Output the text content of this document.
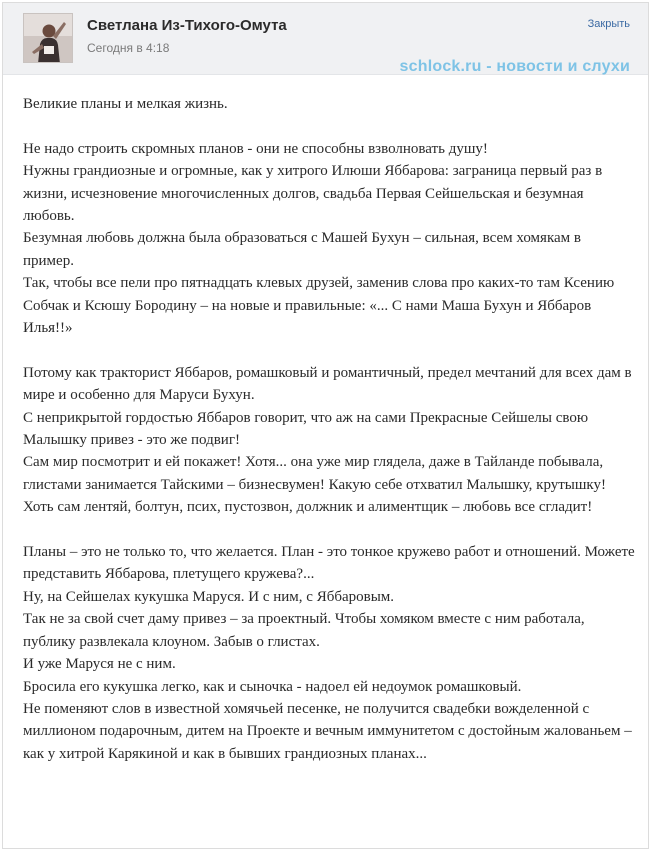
Светлана Из-Тихого-Омута
Сегодня в 4:18
Закрыть
schlock.ru - новости и слухи

Великие планы и мелкая жизнь.

Не надо строить скромных планов - они не способны взволновать душу!

Нужны грандиозные и огромные, как у хитрого Илюши Яббарова: заграница первый раз в жизни, исчезновение многочисленных долгов, свадьба Первая Сейшельская и безумная любовь.

Безумная любовь должна была образоваться с Машей Бухун – сильная, всем хомякам в пример.

Так, чтобы все пели про пятнадцать клевых друзей, заменив слова про каких-то там Ксению Собчак и Ксюшу Бородину – на новые и правильные: «... С нами Маша Бухун и Яббаров Илья!!»

Потому как тракторист Яббаров, ромашковый и романтичный, предел мечтаний для всех дам в мире и особенно для Маруси Бухун.

С неприкрытой гордостью Яббаров говорит, что аж на сами Прекрасные Сейшелы свою Малышку привез - это же подвиг!

Сам мир посмотрит и ей покажет! Хотя... она уже мир глядела, даже в Тайланде побывала, глистами занимается Тайскими – бизнесвумен! Какую себе отхватил Малышку, крутышку!

Хоть сам лентяй, болтун, псих, пустозвон, должник и алиментщик – любовь все сгладит!

Планы – это не только то, что желается. План - это тонкое кружево работ и отношений. Можете представить Яббарова, плетущего кружева?...

Ну, на Сейшелах кукушка Маруся. И с ним, с Яббаровым.

Так не за свой счет даму привез – за проектный. Чтобы хомяком вместе с ним работала, публику развлекала клоуном. Забыв о глистах.

И уже Маруся не с ним.

Бросила его кукушка легко, как и сыночка - надоел ей недоумок ромашковый.

Не поменяют слов в известной хомячьей песенке, не получится свадебки вожделенной с миллионом подарочным, дитем на Проекте и вечным иммунитетом с достойным жалованьем – как у хитрой Карякиной и как в бывших грандиозных планах...
